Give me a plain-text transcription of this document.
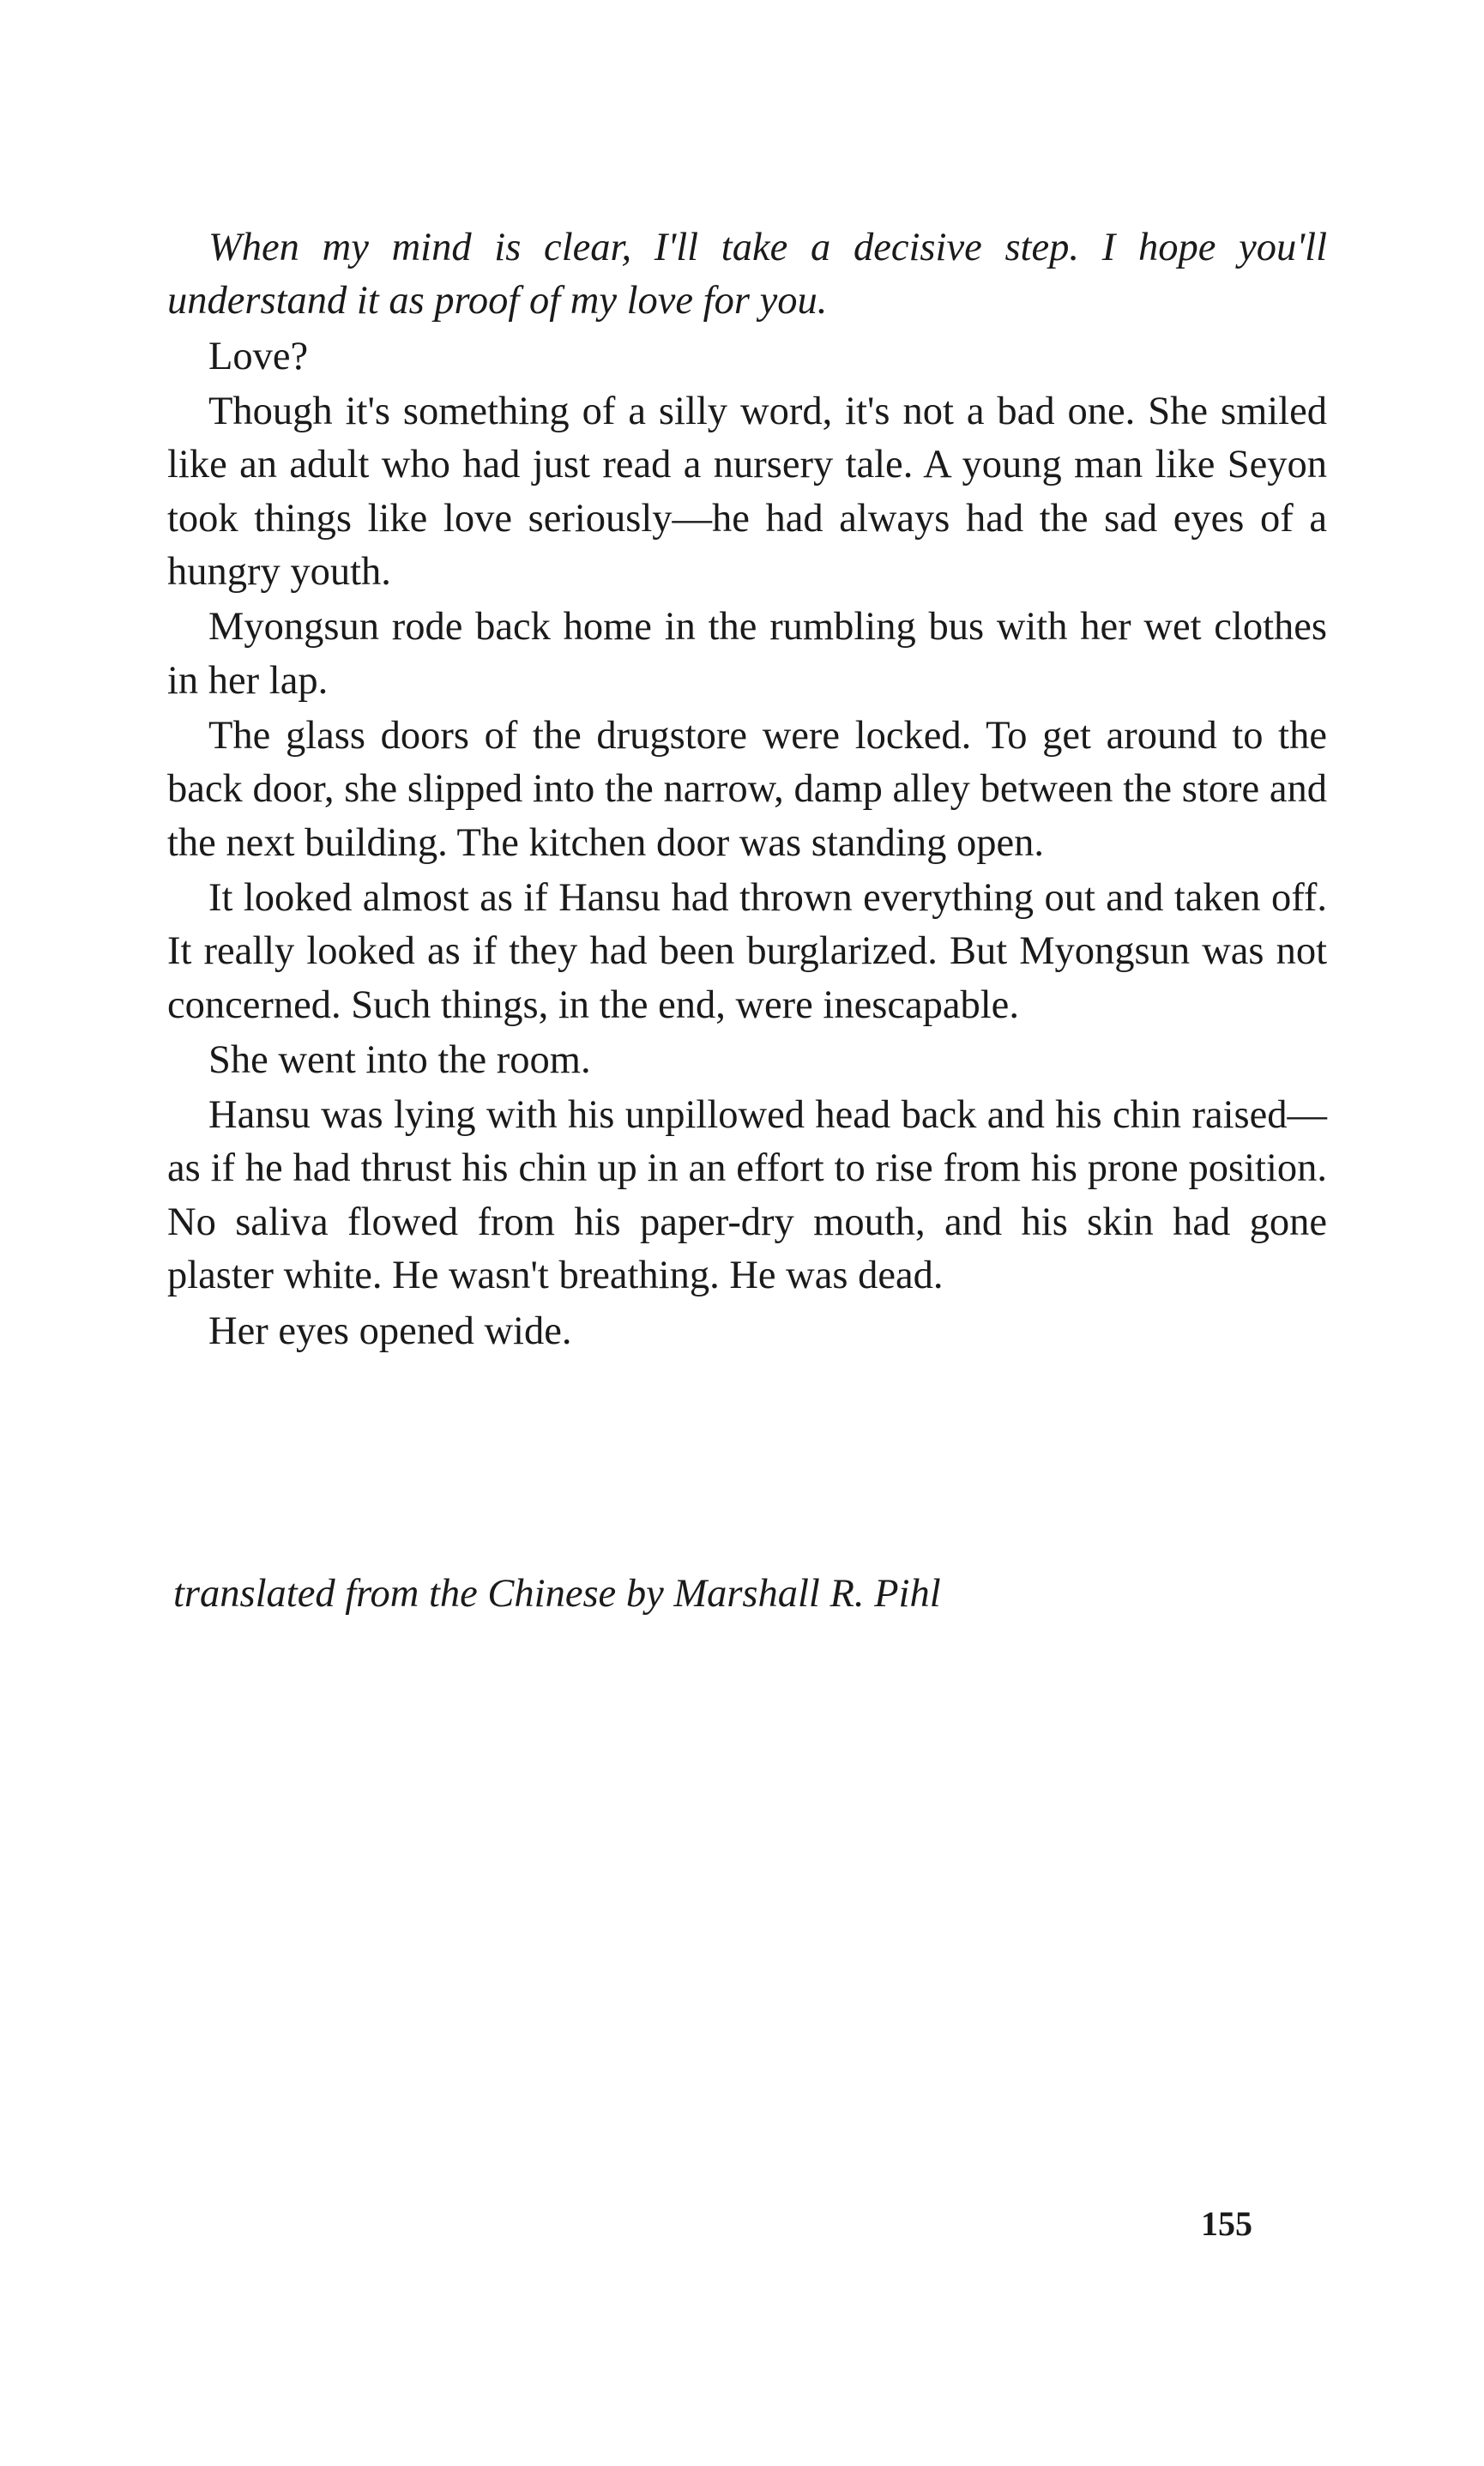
When my mind is clear, I'll take a decisive step. I hope you'll understand it as proof of my love for you.

Love?

Though it's something of a silly word, it's not a bad one. She smiled like an adult who had just read a nursery tale. A young man like Seyon took things like love seriously—he had always had the sad eyes of a hungry youth.

Myongsun rode back home in the rumbling bus with her wet clothes in her lap.

The glass doors of the drugstore were locked. To get around to the back door, she slipped into the narrow, damp alley between the store and the next building. The kitchen door was standing open.

It looked almost as if Hansu had thrown everything out and taken off. It really looked as if they had been burglarized. But Myongsun was not concerned. Such things, in the end, were inescapable.

She went into the room.

Hansu was lying with his unpillowed head back and his chin raised—as if he had thrust his chin up in an effort to rise from his prone position. No saliva flowed from his paper-dry mouth, and his skin had gone plaster white. He wasn't breathing. He was dead.

Her eyes opened wide.

translated from the Chinese by Marshall R. Pihl
155
